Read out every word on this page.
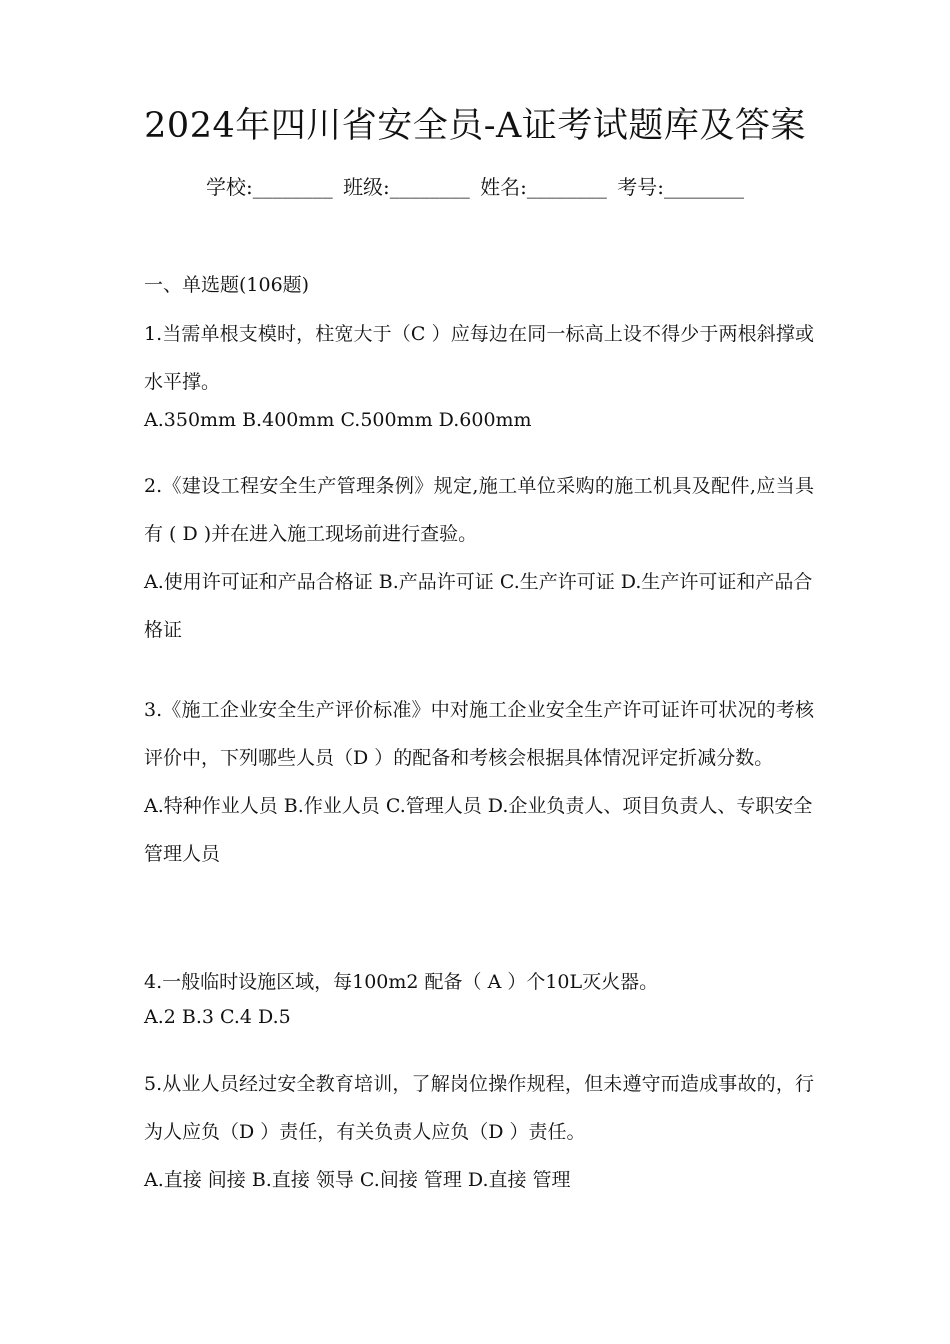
2024年四川省安全员-A证考试题库及答案
学校:________ 班级:________ 姓名:________ 考号:________
一、单选题(106题)
1.当需单根支模时，柱宽大于（C ）应每边在同一标高上设不得少于两根斜撑或水平撑。
A.350mm B.400mm C.500mm D.600mm
2.《建设工程安全生产管理条例》规定,施工单位采购的施工机具及配件,应当具有 ( D )并在进入施工现场前进行查验。
A.使用许可证和产品合格证 B.产品许可证 C.生产许可证 D.生产许可证和产品合格证
3.《施工企业安全生产评价标准》中对施工企业安全生产许可证许可状况的考核评价中，下列哪些人员（D ）的配备和考核会根据具体情况评定折减分数。
A.特种作业人员 B.作业人员 C.管理人员 D.企业负责人、项目负责人、专职安全管理人员
4.一般临时设施区域，每100m2 配备（ A ）个10L灭火器。
A.2 B.3 C.4 D.5
5.从业人员经过安全教育培训，了解岗位操作规程，但未遵守而造成事故的，行为人应负（D ）责任，有关负责人应负（D ）责任。
A.直接 间接 B.直接 领导 C.间接 管理 D.直接 管理
